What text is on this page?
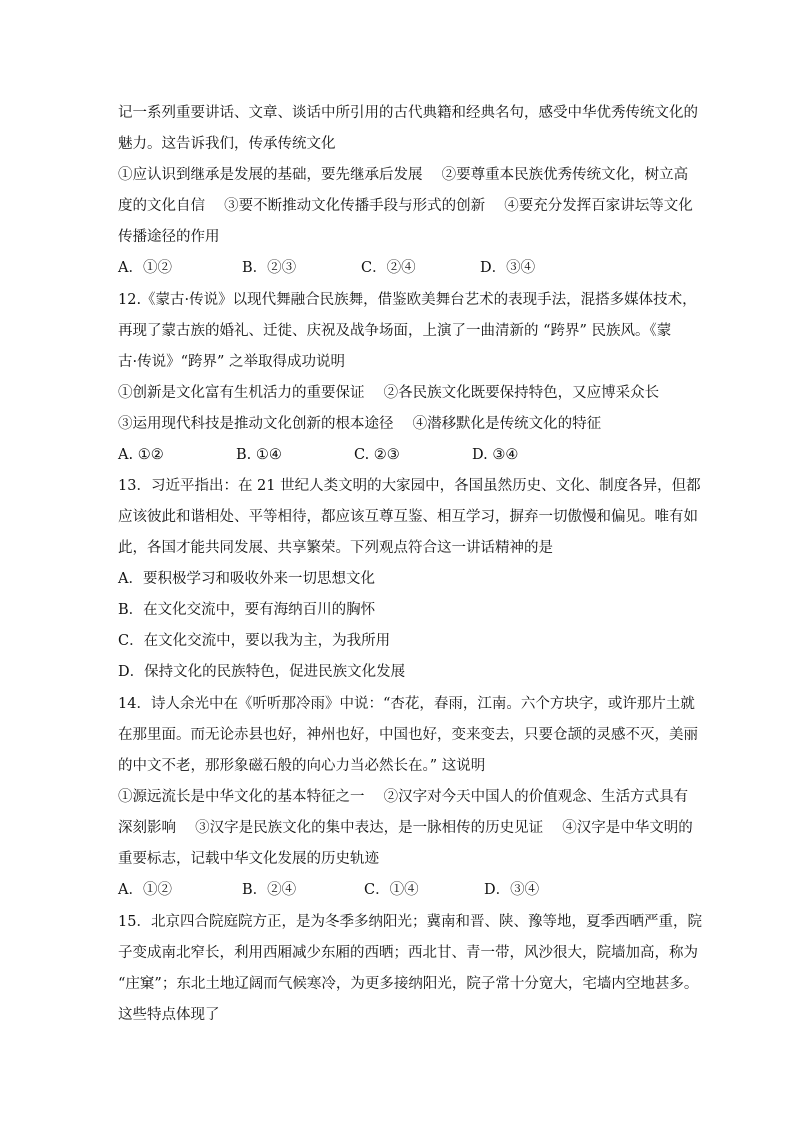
记一系列重要讲话、文章、谈话中所引用的古代典籍和经典名句，感受中华优秀传统文化的
魅力。这告诉我们，传承传统文化
①应认识到继承是发展的基础，要先继承后发展　 ②要尊重本民族优秀传统文化，树立高
度的文化自信　 ③要不断推动文化传播手段与形式的创新　 ④要充分发挥百家讲坛等文化
传播途径的作用
A．①②	B．②③	C．②④	D．③④
12.《蒙古·传说》以现代舞融合民族舞，借鉴欧美舞台艺术的表现手法，混搭多媒体技术，
再现了蒙古族的婚礼、迁徙、庆祝及战争场面，上演了一曲清新的 “跨界” 民族风。《蒙
古·传说》“跨界” 之举取得成功说明
①创新是文化富有生机活力的重要保证　 ②各民族文化既要保持特色，又应博采众长
③运用现代科技是推动文化创新的根本途径　 ④潜移默化是传统文化的特征
A. ①②	B. ①④	C. ②③	D. ③④
13．习近平指出：在 21 世纪人类文明的大家园中，各国虽然历史、文化、制度各异，但都
应该彼此和谐相处、平等相待，都应该互尊互鉴、相互学习，摒弃一切傲慢和偏见。唯有如
此，各国才能共同发展、共享繁荣。下列观点符合这一讲话精神的是
A．要积极学习和吸收外来一切思想文化
B．在文化交流中，要有海纳百川的胸怀
C．在文化交流中，要以我为主，为我所用
D．保持文化的民族特色，促进民族文化发展
14．诗人余光中在《听听那冷雨》中说：“杏花，春雨，江南。六个方块字，或许那片土就
在那里面。而无论赤县也好，神州也好，中国也好，变来变去，只要仓颉的灵感不灭，美丽
的中文不老，那形象磁石般的向心力当必然长在。” 这说明
①源远流长是中华文化的基本特征之一　 ②汉字对今天中国人的价值观念、生活方式具有
深刻影响　 ③汉字是民族文化的集中表达，是一脉相传的历史见证　 ④汉字是中华文明的
重要标志，记载中华文化发展的历史轨迹
A．①②	B．②④	C．①④	D．③④
15．北京四合院庭院方正，是为冬季多纳阳光；冀南和晋、陕、豫等地，夏季西晒严重，院
子变成南北窄长，利用西厢减少东厢的西晒；西北甘、青一带，风沙很大，院墙加高，称为
“庄窠”；东北土地辽阔而气候寒冷，为更多接纳阳光，院子常十分宽大，宅墙内空地甚多。
这些特点体现了
